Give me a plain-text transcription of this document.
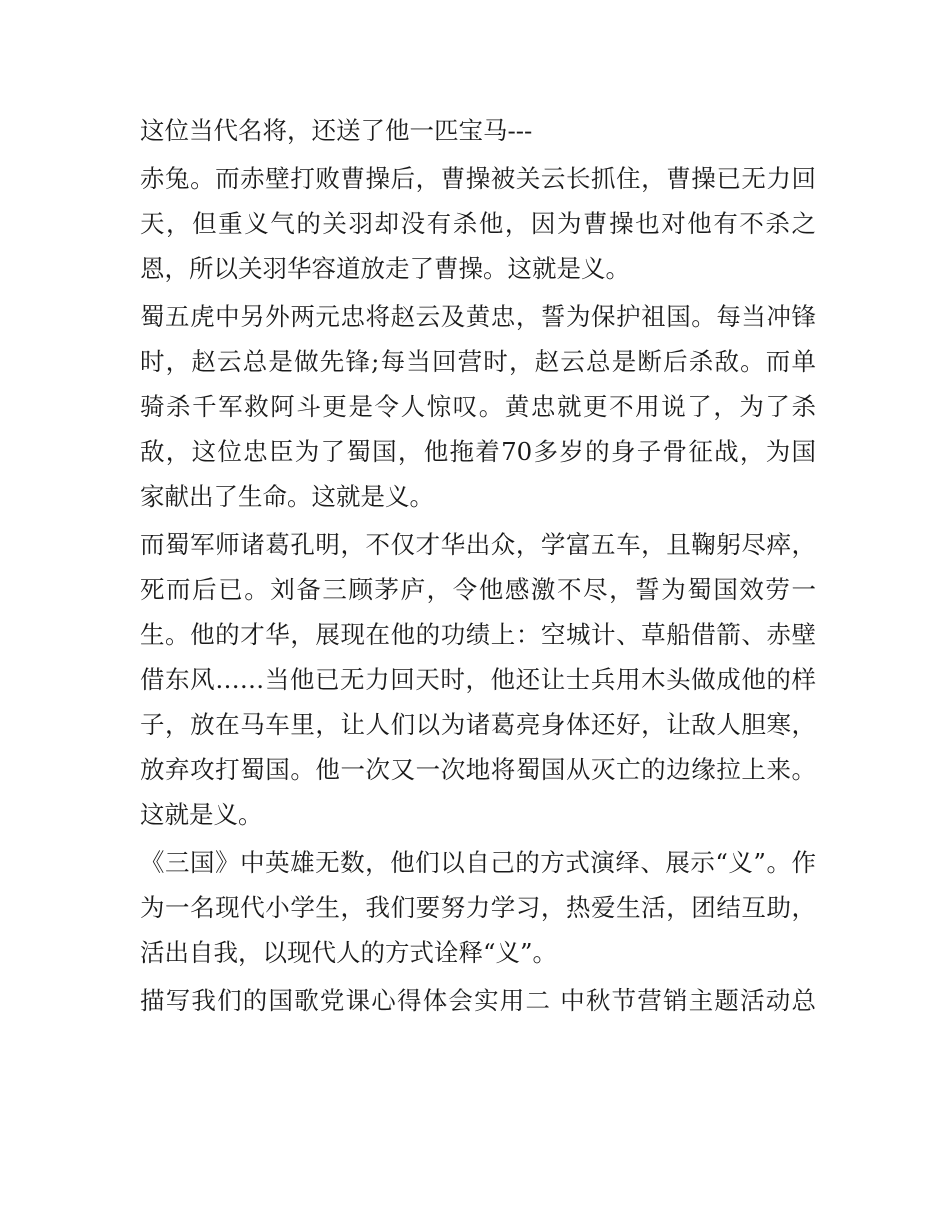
这位当代名将，还送了他一匹宝马---
赤兔。而赤壁打败曹操后，曹操被关云长抓住，曹操已无力回
天，但重义气的关羽却没有杀他，因为曹操也对他有不杀之
恩，所以关羽华容道放走了曹操。这就是义。
蜀五虎中另外两元忠将赵云及黄忠，誓为保护祖国。每当冲锋
时，赵云总是做先锋;每当回营时，赵云总是断后杀敌。而单
骑杀千军救阿斗更是令人惊叹。黄忠就更不用说了，为了杀
敌，这位忠臣为了蜀国，他拖着70多岁的身子骨征战，为国
家献出了生命。这就是义。
而蜀军师诸葛孔明，不仅才华出众，学富五车，且鞠躬尽瘁，
死而后已。刘备三顾茅庐，令他感激不尽，誓为蜀国效劳一
生。他的才华，展现在他的功绩上：空城计、草船借箭、赤壁
借东风……当他已无力回天时，他还让士兵用木头做成他的样
子，放在马车里，让人们以为诸葛亮身体还好，让敌人胆寒，
放弃攻打蜀国。他一次又一次地将蜀国从灭亡的边缘拉上来。
这就是义。
《三国》中英雄无数，他们以自己的方式演绎、展示“义”。作
为一名现代小学生，我们要努力学习，热爱生活，团结互助，
活出自我，以现代人的方式诠释“义”。
描写我们的国歌党课心得体会实用二 中秋节营销主题活动总
